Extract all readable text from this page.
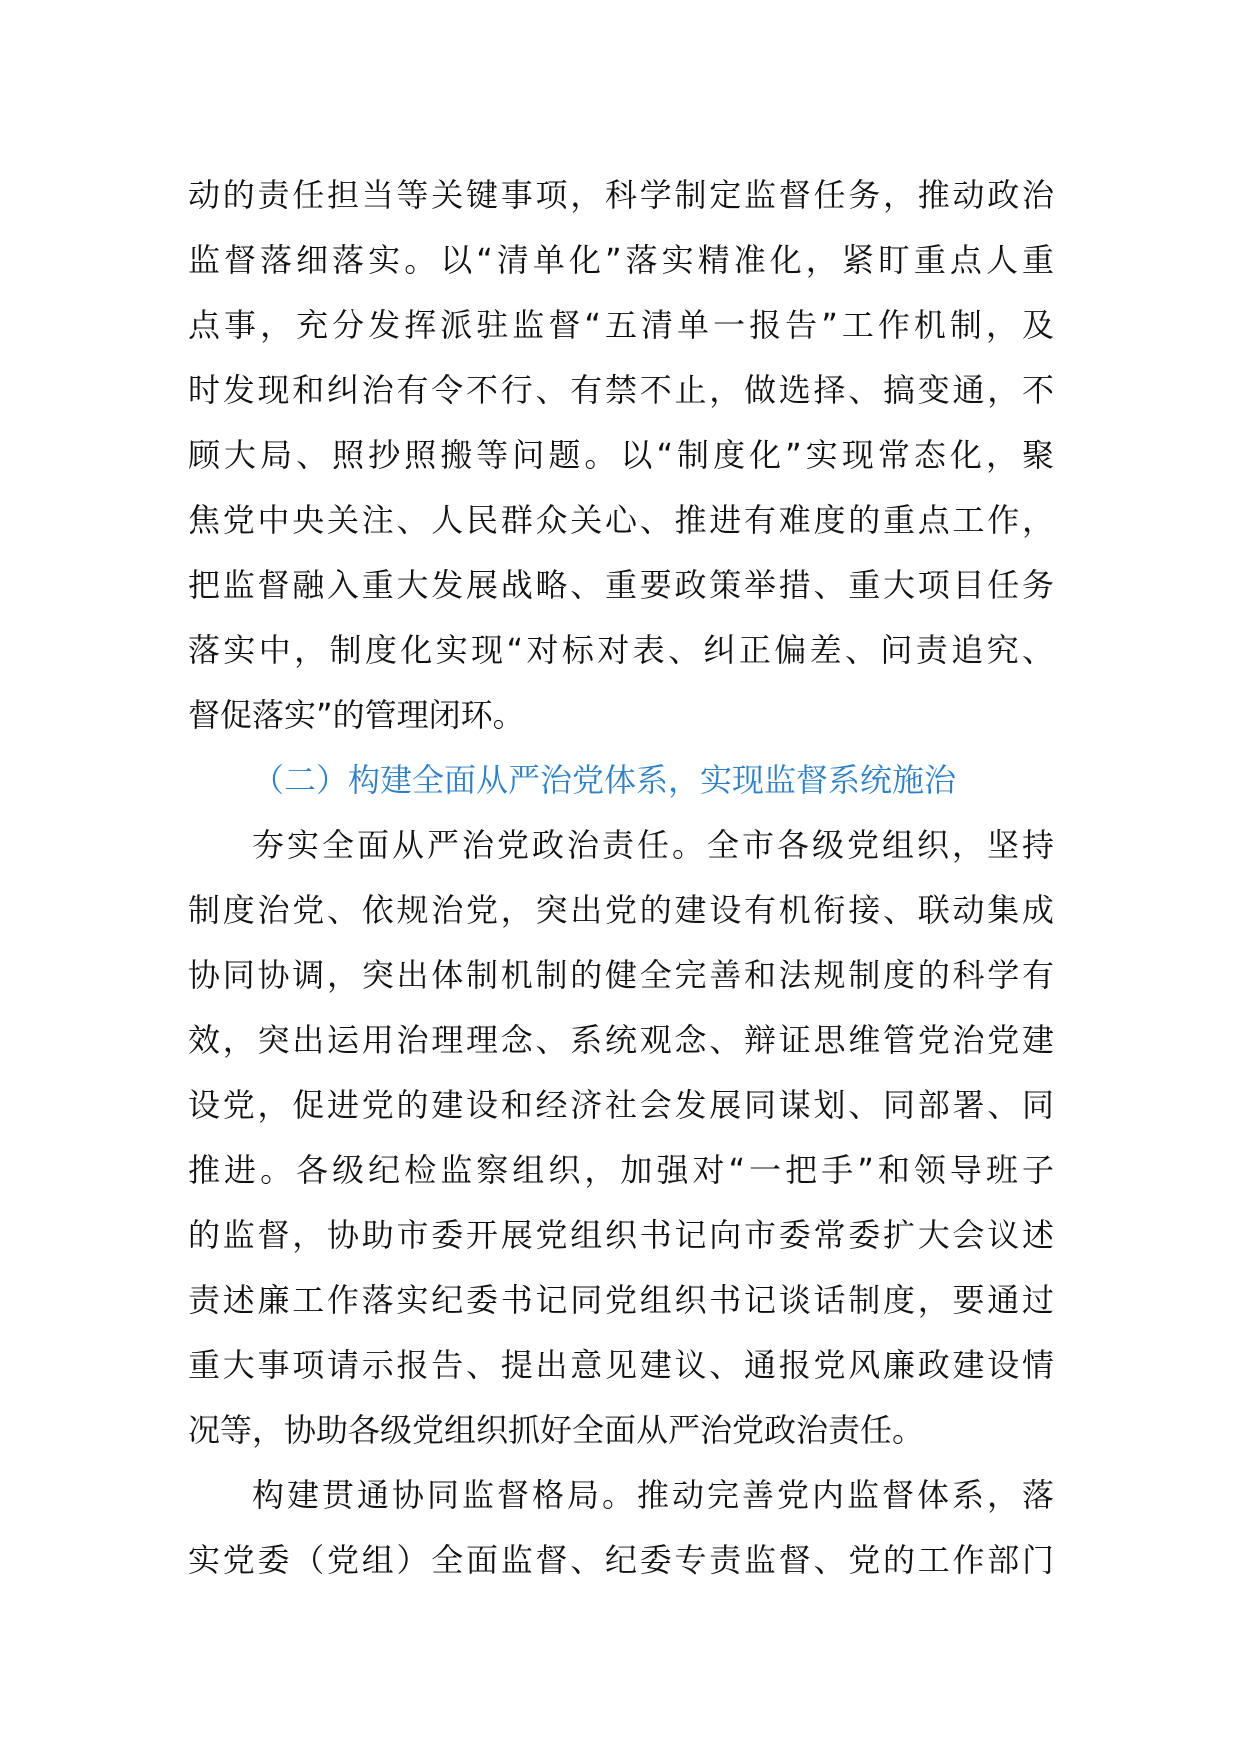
动的责任担当等关键事项，科学制定监督任务，推动政治
监督落细落实。以“清单化”落实精准化，紧盯重点人重
点事，充分发挥派驻监督“五清单一报告”工作机制，及
时发现和纠治有令不行、有禁不止，做选择、搞变通，不
顾大局、照抄照搬等问题。以“制度化”实现常态化，聚
焦党中央关注、人民群众关心、推进有难度的重点工作，
把监督融入重大发展战略、重要政策举措、重大项目任务
落实中，制度化实现“对标对表、纠正偏差、问责追究、
督促落实”的管理闭环。
（二）构建全面从严治党体系，实现监督系统施治
夯实全面从严治党政治责任。全市各级党组织，坚持
制度治党、依规治党，突出党的建设有机衔接、联动集成
协同协调，突出体制机制的健全完善和法规制度的科学有
效，突出运用治理理念、系统观念、辩证思维管党治党建
设党，促进党的建设和经济社会发展同谋划、同部署、同
推进。各级纪检监察组织，加强对“一把手”和领导班子
的监督，协助市委开展党组织书记向市委常委扩大会议述
责述廉工作落实纪委书记同党组织书记谈话制度，要通过
重大事项请示报告、提出意见建议、通报党风廉政建设情
况等，协助各级党组织抓好全面从严治党政治责任。
构建贯通协同监督格局。推动完善党内监督体系，落
实党委（党组）全面监督、纪委专责监督、党的工作部门
